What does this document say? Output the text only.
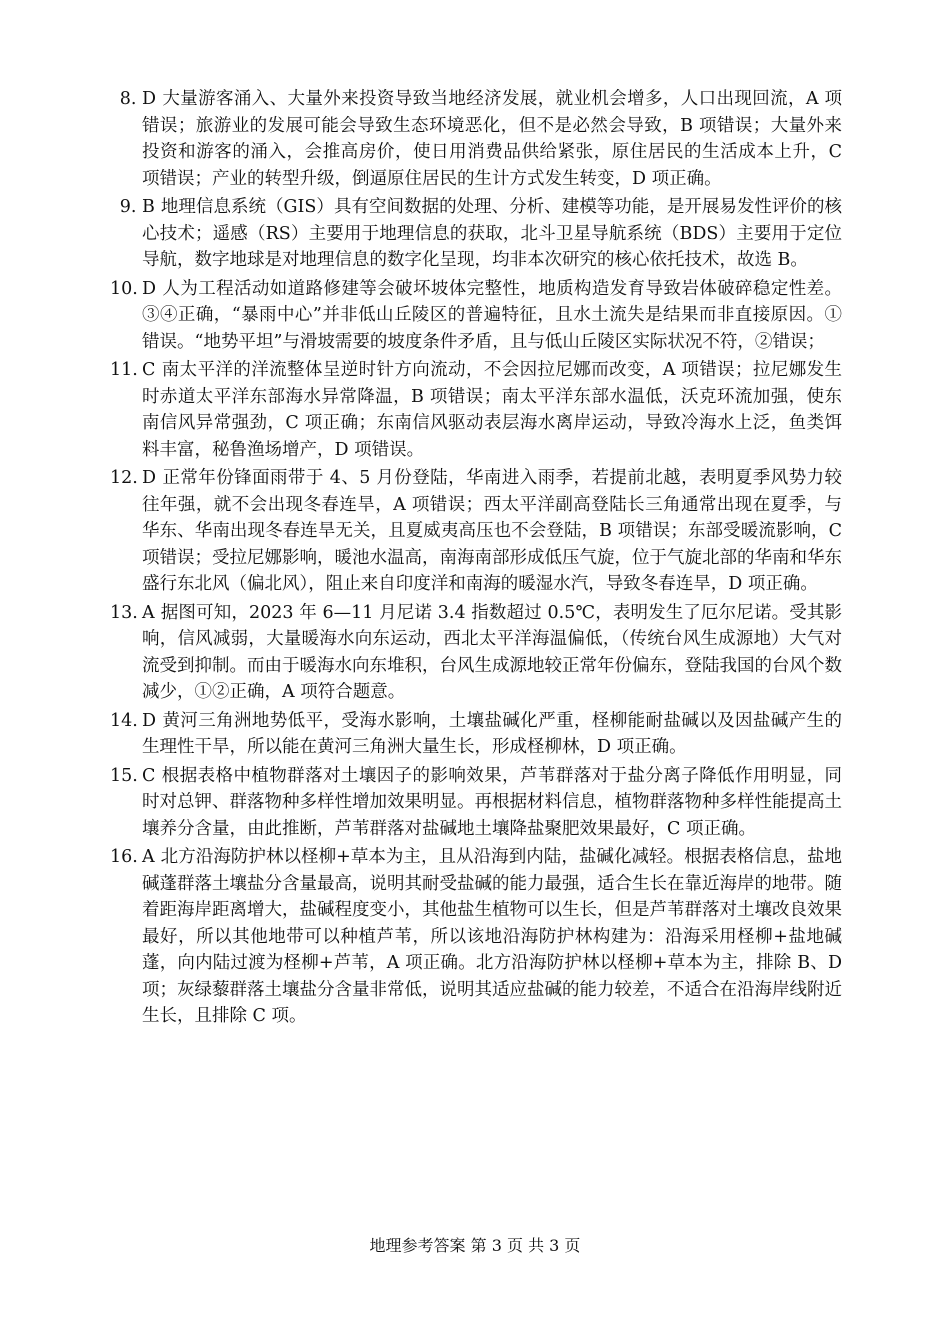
8. D 大量游客涌入、大量外来投资导致当地经济发展，就业机会增多，人口出现回流，A 项错误；旅游业的发展可能会导致生态环境恶化，但不是必然会导致，B 项错误；大量外来投资和游客的涌入，会推高房价，使日用消费品供给紧张，原住居民的生活成本上升，C 项错误；产业的转型升级，倒逼原住居民的生计方式发生转变，D 项正确。
9. B 地理信息系统（GIS）具有空间数据的处理、分析、建模等功能，是开展易发性评价的核心技术；遥感（RS）主要用于地理信息的获取，北斗卫星导航系统（BDS）主要用于定位导航，数字地球是对地理信息的数字化呈现，均非本次研究的核心依托技术，故选 B。
10.
D 人为工程活动如道路修建等会破坏坡体完整性，地质构造发育导致岩体破碎稳定性差。③④正确，“暴雨中心”并非低山丘陵区的普遍特征，且水土流失是结果而非直接原因。①错误。“地势平坦”与滑坡需要的坡度条件矛盾，且与低山丘陵区实际状况不符，②错误；
11.
C 南太平洋的洋流整体呈逆时针方向流动，不会因拉尼娜而改变，A 项错误；拉尼娜发生时赤道太平洋东部海水异常降温，B 项错误；南太平洋东部水温低，沃克环流加强，使东南信风异常强劲，C 项正确；东南信风驱动表层海水离岸运动，导致冷海水上泛，鱼类饵料丰富，秘鲁渔场增产，D 项错误。
12.
D 正常年份锋面雨带于 4、5 月份登陆，华南进入雨季，若提前北越，表明夏季风势力较往年强，就不会出现冬春连旱，A 项错误；西太平洋副高登陆长三角通常出现在夏季，与华东、华南出现冬春连旱无关，且夏威夷高压也不会登陆，B 项错误；东部受暖流影响，C 项错误；受拉尼娜影响，暖池水温高，南海南部形成低压气旋，位于气旋北部的华南和华东盛行东北风（偏北风），阻止来自印度洋和南海的暖湿水汽，导致冬春连旱，D 项正确。
13.
A 据图可知，2023 年 6—11 月尼诺 3.4 指数超过 0.5℃，表明发生了厄尔尼诺。受其影响，信风减弱，大量暖海水向东运动，西北太平洋海温偏低，（传统台风生成源地）大气对流受到抑制。而由于暖海水向东堆积，台风生成源地较正常年份偏东，登陆我国的台风个数减少，①②正确，A 项符合题意。
14.
D 黄河三角洲地势低平，受海水影响，土壤盐碱化严重，柽柳能耐盐碱以及因盐碱产生的生理性干旱，所以能在黄河三角洲大量生长，形成柽柳林，D 项正确。
15.
C 根据表格中植物群落对土壤因子的影响效果，芦苇群落对于盐分离子降低作用明显，同时对总钾、群落物种多样性增加效果明显。再根据材料信息，植物群落物种多样性能提高土壤养分含量，由此推断，芦苇群落对盐碱地土壤降盐聚肥效果最好，C 项正确。
16.
A 北方沿海防护林以柽柳+草本为主，且从沿海到内陆，盐碱化减轻。根据表格信息，盐地碱蓬群落土壤盐分含量最高，说明其耐受盐碱的能力最强，适合生长在靠近海岸的地带。随着距海岸距离增大，盐碱程度变小，其他盐生植物可以生长，但是芦苇群落对土壤改良效果最好，所以其他地带可以种植芦苇，所以该地沿海防护林构建为：沿海采用柽柳+盐地碱蓬，向内陆过渡为柽柳+芦苇，A 项正确。北方沿海防护林以柽柳+草本为主，排除 B、D 项；灰绿藜群落土壤盐分含量非常低，说明其适应盐碱的能力较差，不适合在沿海岸线附近生长，且排除 C 项。
地理参考答案 第 3 页 共 3 页
